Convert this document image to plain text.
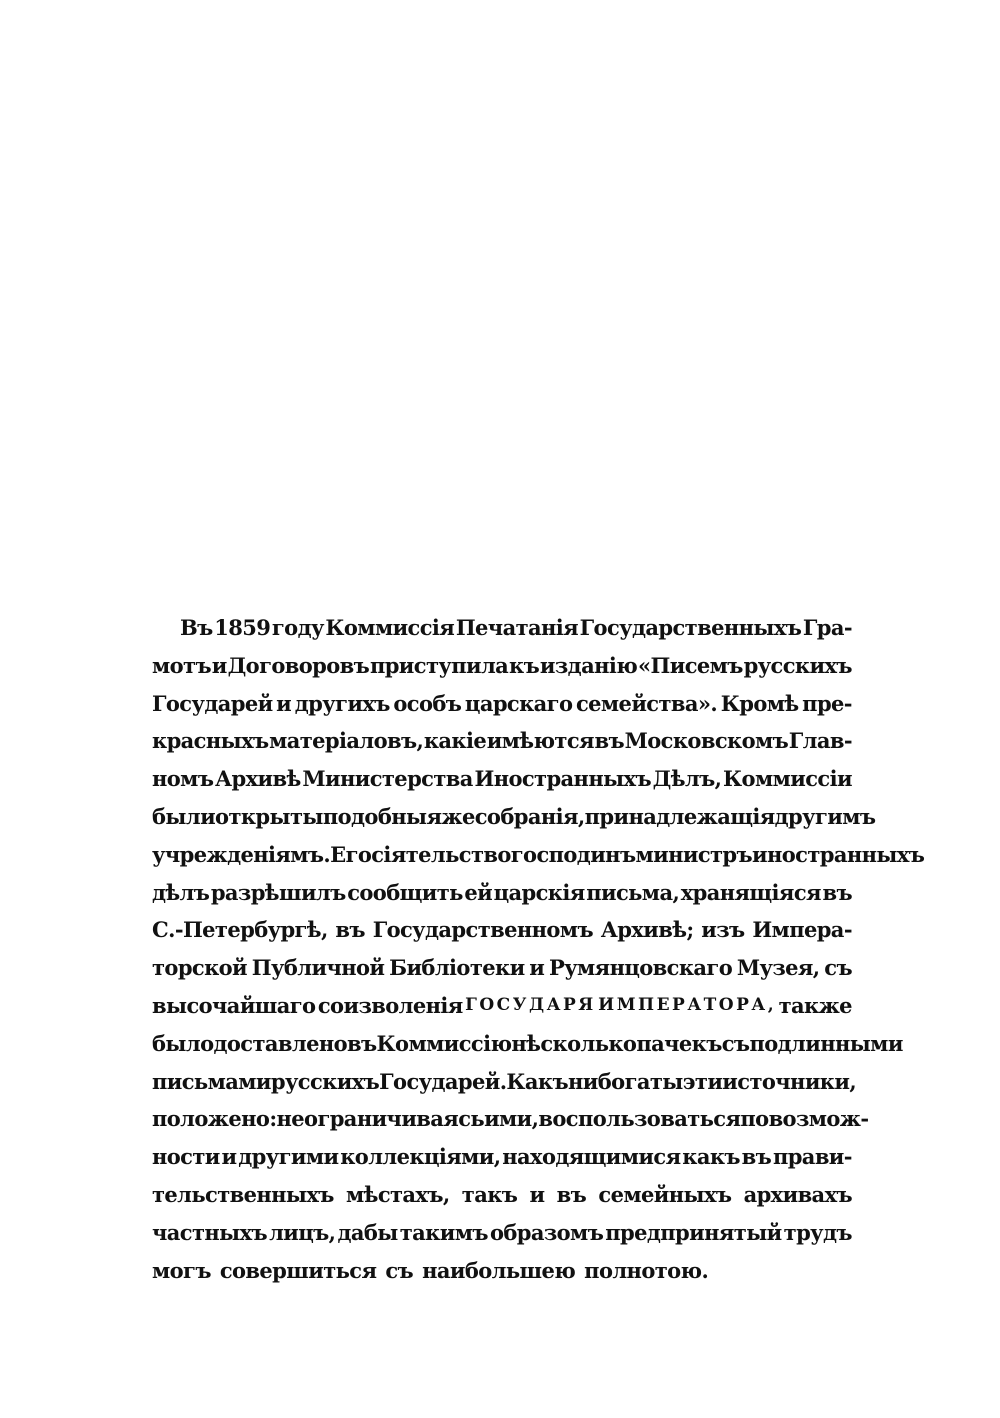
Въ 1859 году Коммиссія Печатанія Государственныхъ Гра-
мотъ и Договоровъ приступила къ изданію «Писемъ русскихъ
Государей и другихъ особъ царскаго семейства». Кромѣ пре-
красныхъ матеріаловъ, какіе имѣются въ Московскомъ Глав-
номъ Архивѣ Министерства Иностранныхъ Дѣлъ, Коммиссіи
были открыты подобныя же собранія, принадлежащія другимъ
учрежденіямъ. Его сіятельство господинъ министръ иностранныхъ
дѣлъ разрѣшилъ сообщить ей царскія письма, хранящіяся въ
С.-Петербургѣ, въ Государственномъ Архивѣ; изъ Импера-
торской Публичной Библіотеки и Румянцовскаго Музея, съ
высочайшаго соизволенія ГОСУДАРЯ ИМПЕРАТОРА, также
было доставлено въ Коммиссію нѣсколько пачекъ съ подлинными
письмами русскихъ Государей. Какъ ни богаты эти источники,
положено: не ограничиваясь ими, воспользоваться по возмож-
ности и другими коллекціями, находящимися какъ въ прави-
тельственныхъ мѣстахъ, такъ и въ семейныхъ архивахъ
частныхъ лицъ, дабы такимъ образомъ предпринятый трудъ
могъ совершиться съ наибольшею полнотою.
